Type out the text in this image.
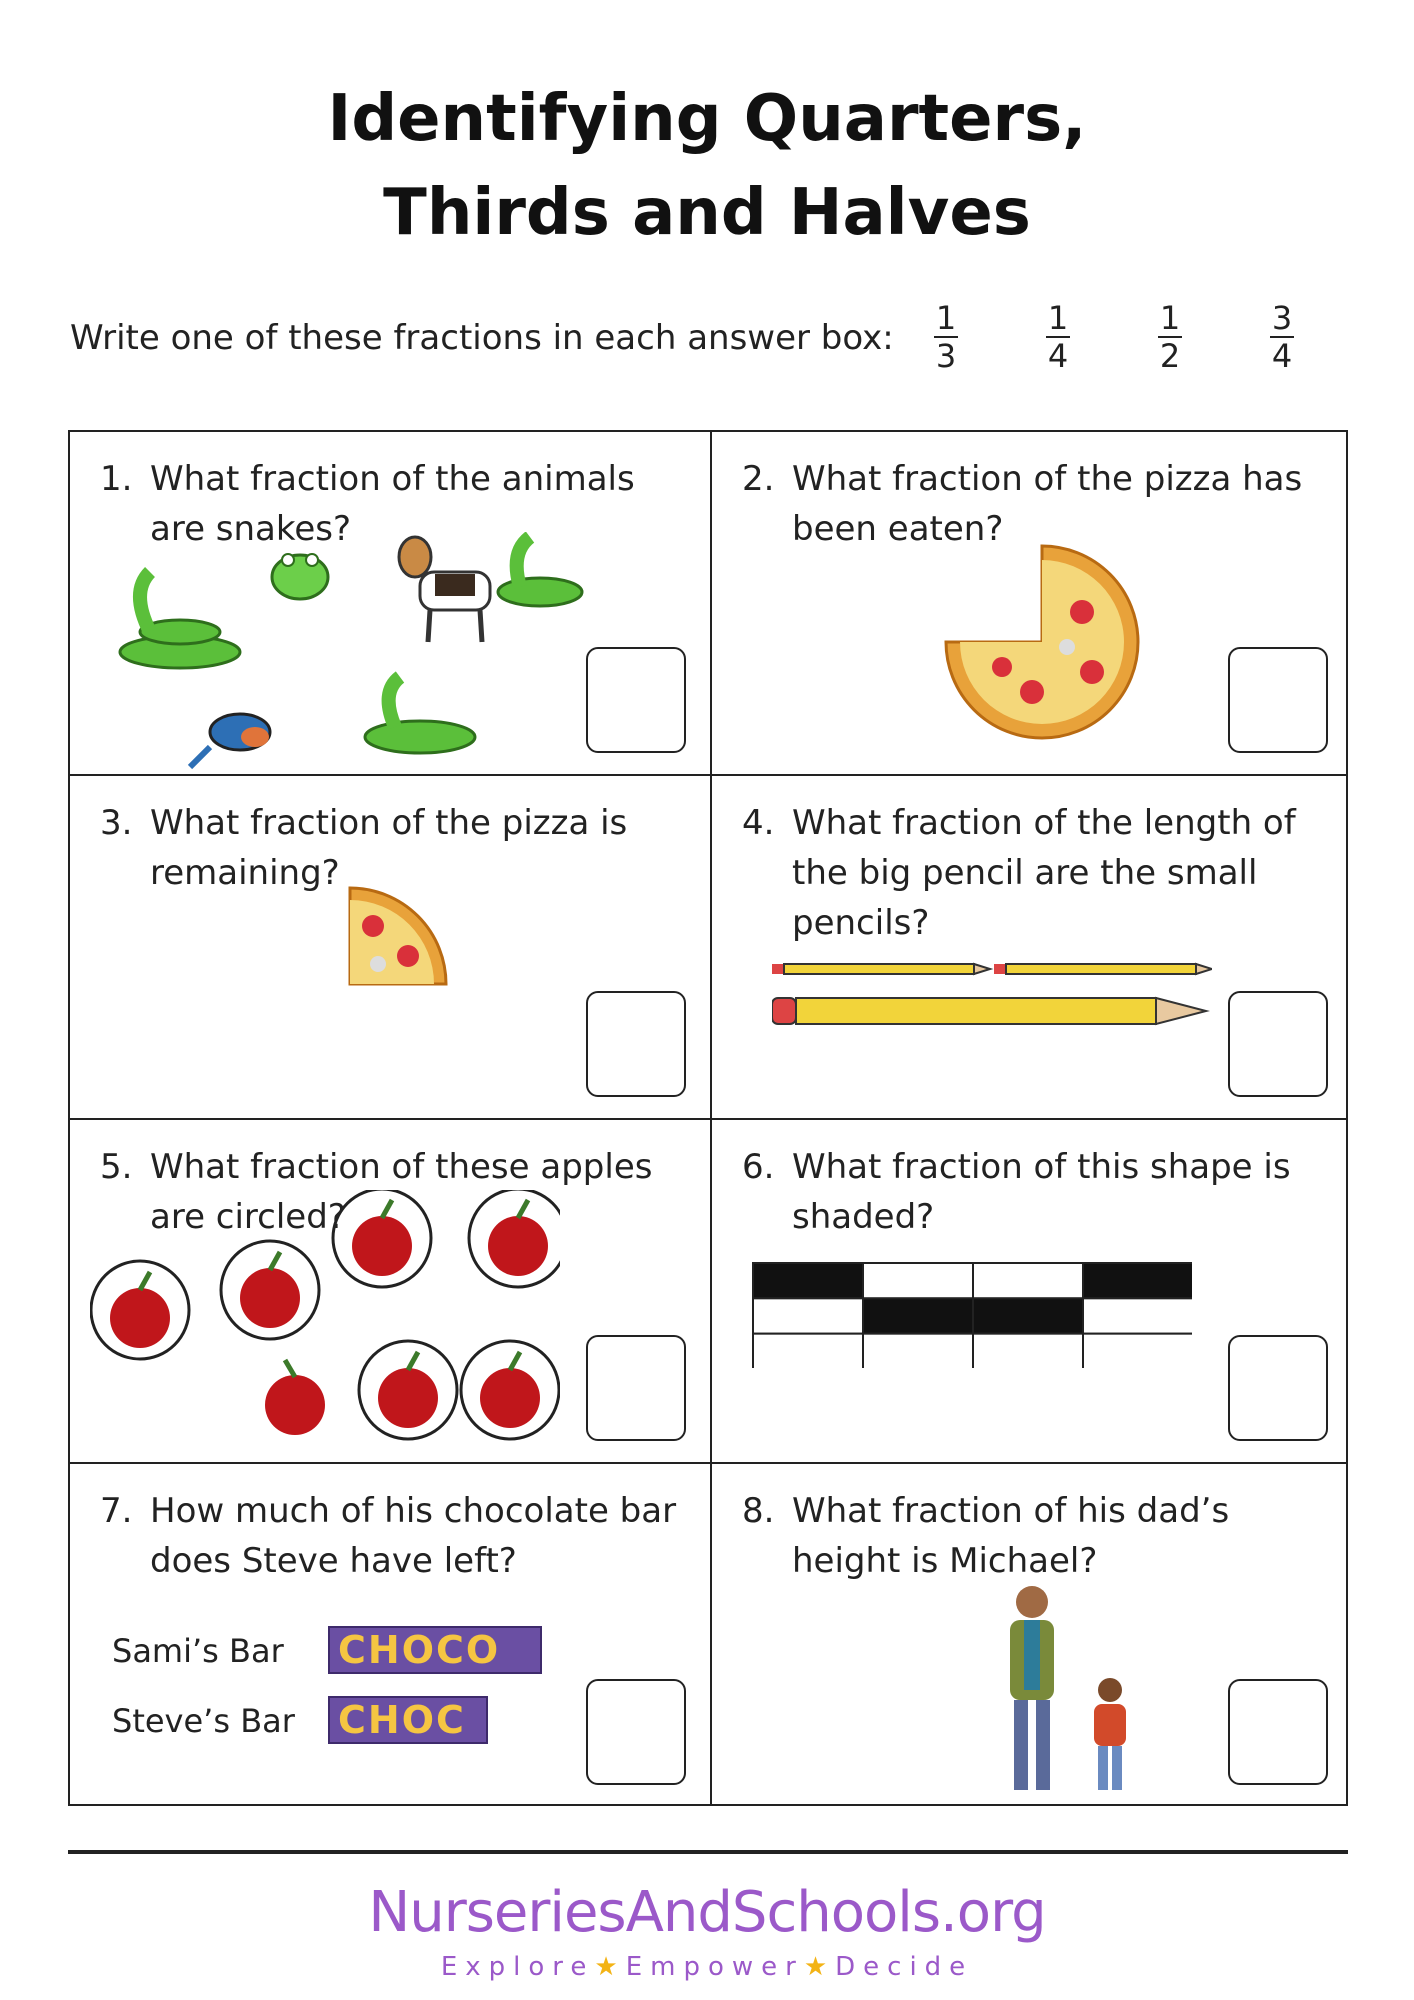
Identifying Quarters,
Thirds and Halves
Write one of these fractions in each answer box: $\frac{1}{3} \frac{1}{4} \frac{1}{2} \frac{3}{4}$
1. What fraction of the animals are snakes?
2. What fraction of the pizza has been eaten?
3. What fraction of the pizza is remaining?
4. What fraction of the length of the big pencil are the small pencils?
5. What fraction of these apples are circled?
6. What fraction of this shape is shaded?
7. How much of his chocolate bar does Steve have left?
Sami’s Bar CHOCO
Steve’s Bar CHOC
8. What fraction of his dad’s height is Michael?
NurseriesAndSchools.org
Explore★Empower★Decide
